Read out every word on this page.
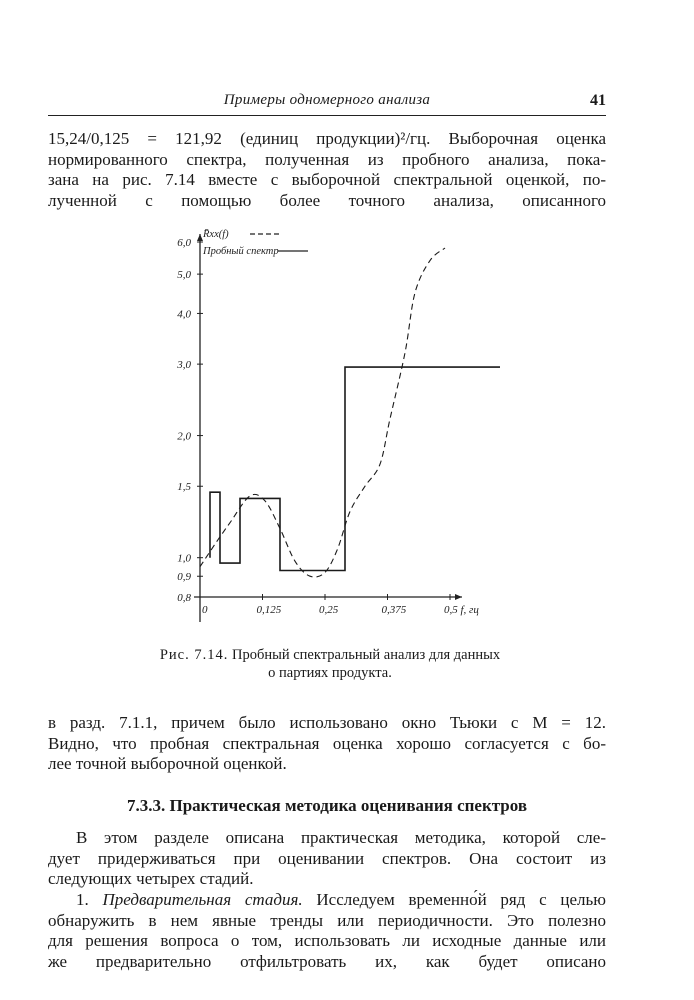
Примеры одномерного анализа	41
15,24/0,125 = 121,92 (единиц продукции)²/гц. Выборочная оценка
нормированного спектра, полученная из пробного анализа, пока-
зана на рис. 7.14 вместе с выборочной спектральной оценкой, по-
лученной с помощью более точного анализа, описанного
0,8
0,9
1,0
1,5
2,0
3,0
4,0
5,0
6,0
0	0,125	0,25	0,375	0,5 f, гц
R̄xx(f)
Пробный спектр
Рис. 7.14. Пробный спектральный анализ для данных
о партиях продукта.
в разд. 7.1.1, причем было использовано окно Тьюки с M = 12.
Видно, что пробная спектральная оценка хорошо согласуется с бо-
лее точной выборочной оценкой.
7.3.3. Практическая методика оценивания спектров
В этом разделе описана практическая методика, которой сле-
дует придерживаться при оценивании спектров. Она состоит из
следующих четырех стадий.
1. Предварительная стадия. Исследуем временно́й ряд с целью
обнаружить в нем явные тренды или периодичности. Это полезно
для решения вопроса о том, использовать ли исходные данные или
же предварительно отфильтровать их, как будет описано
